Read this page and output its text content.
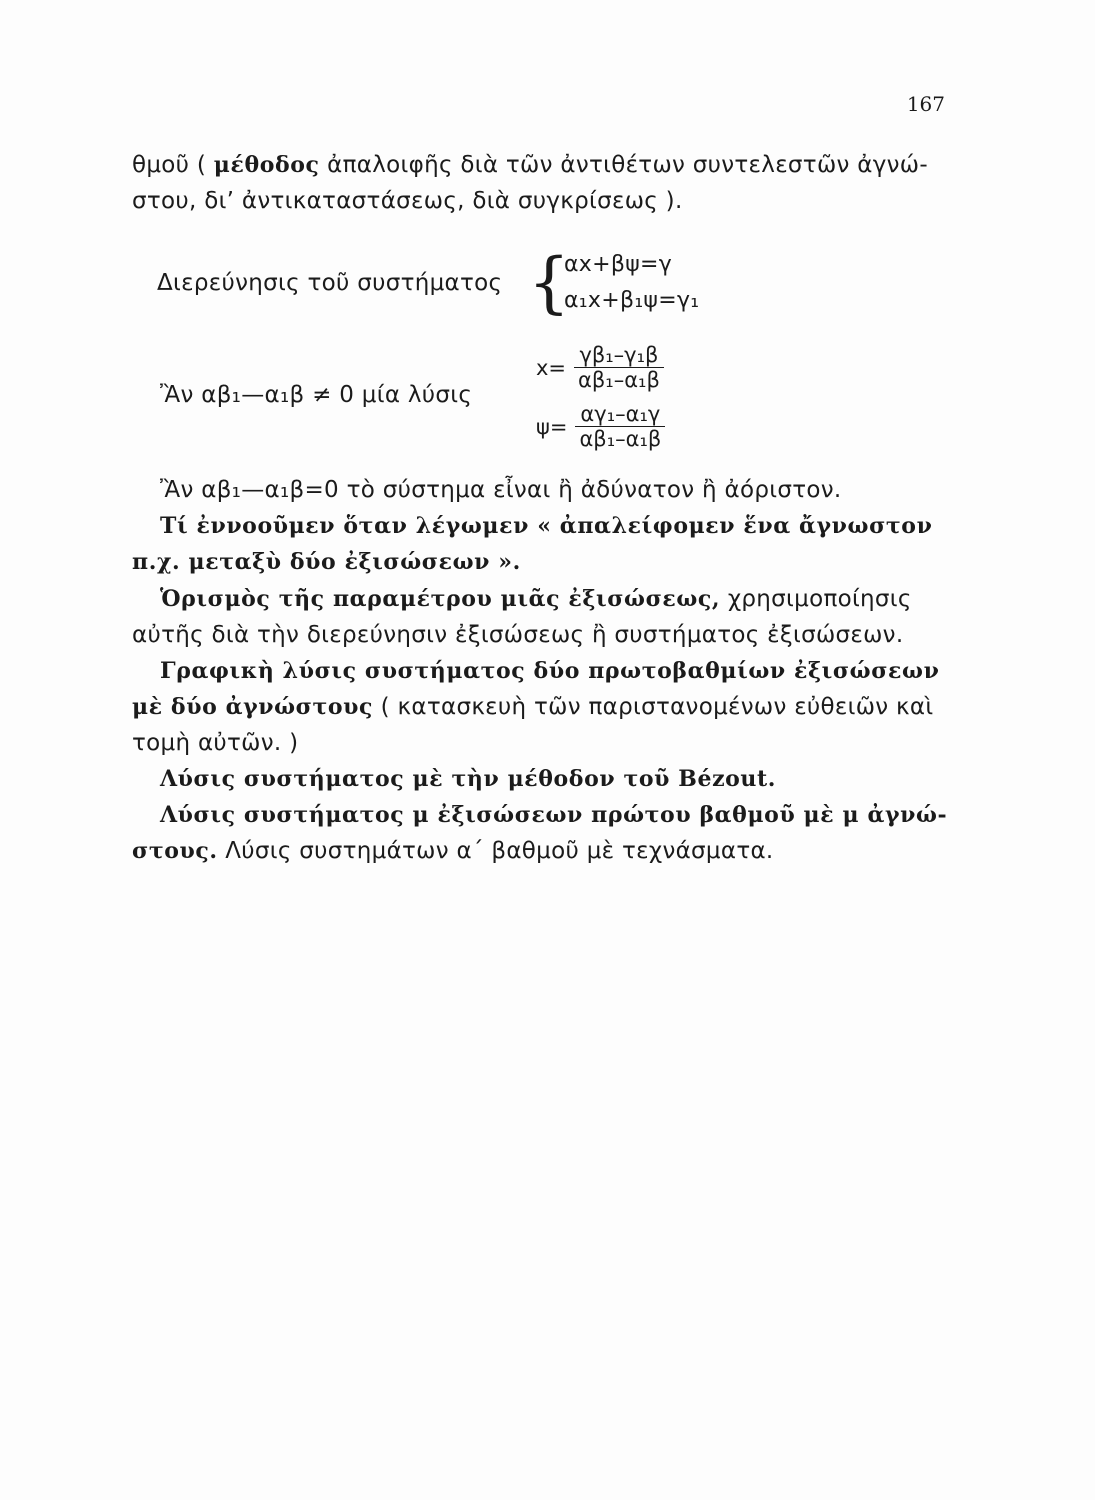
167
θμοῦ ( μέθοδος ἀπαλοιφῆς διὰ τῶν ἀντιθέτων συντελεστῶν ἀγνώ-
στου, δι’ ἀντικαταστάσεως, διὰ συγκρίσεως ).
Διερεύνησις τοῦ συστήματος {
αx+βψ=γ
α₁x+β₁ψ=γ₁
Ἂν αβ₁—α₁β ≠ 0 μία λύσις
$x= \frac{\text{γβ₁–γ₁β}}{\text{αβ₁–α₁β}}$
$\psi= \frac{\text{αγ₁–α₁γ}}{\text{αβ₁–α₁β}}$
Ἂν αβ₁—α₁β=0 τὸ σύστημα εἶναι ἢ ἀδύνατον ἢ ἀόριστον.
Τί ἐννοοῦμεν ὅταν λέγωμεν « ἀπαλείφομεν ἕνα ἄγνωστον
π.χ. μεταξὺ δύο ἐξισώσεων ».
Ὁρισμὸς τῆς παραμέτρου μιᾶς ἐξισώσεως, χρησιμοποίησις
αὐτῆς διὰ τὴν διερεύνησιν ἐξισώσεως ἢ συστήματος ἐξισώσεων.
Γραφικὴ λύσις συστήματος δύο πρωτοβαθμίων ἐξισώσεων
μὲ δύο ἀγνώστους ( κατασκευὴ τῶν παριστανομένων εὐθειῶν καὶ
τομὴ αὐτῶν. )
Λύσις συστήματος μὲ τὴν μέθοδον τοῦ Bézout.
Λύσις συστήματος μ ἐξισώσεων πρώτου βαθμοῦ μὲ μ ἀγνώ-
στους. Λύσις συστημάτων α΄ βαθμοῦ μὲ τεχνάσματα.
